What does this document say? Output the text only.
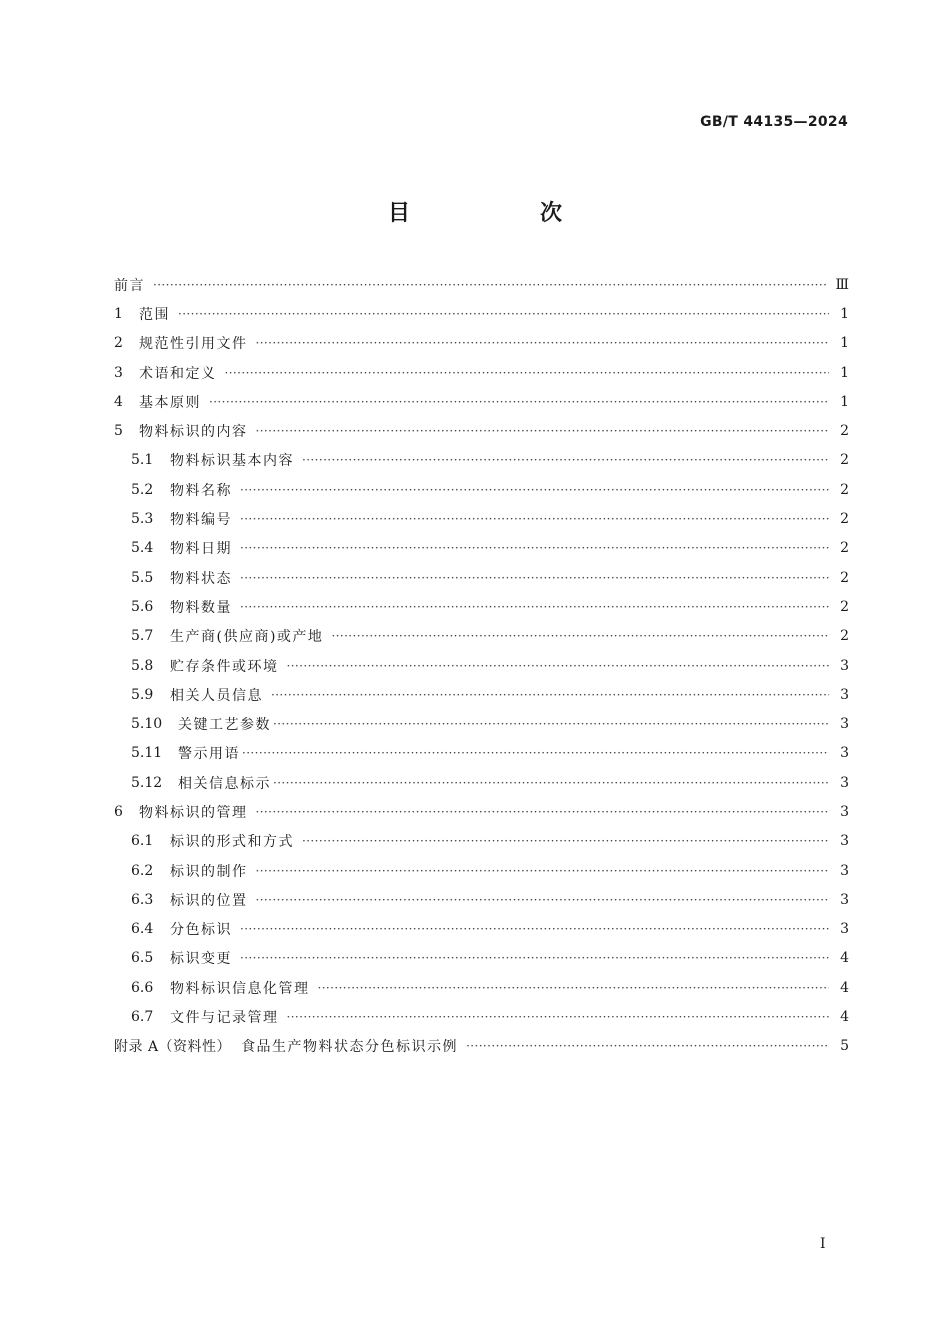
GB/T 44135—2024
目　次
前言 ·····	Ⅲ
1	范围 ·····	1
2	规范性引用文件 ·····	1
3	术语和定义 ·····	1
4	基本原则 ·····	1
5	物料标识的内容 ·····	2
5.1	物料标识基本内容 ·····	2
5.2	物料名称 ·····	2
5.3	物料编号 ·····	2
5.4	物料日期 ·····	2
5.5	物料状态 ·····	2
5.6	物料数量 ·····	2
5.7	生产商(供应商)或产地 ·····	2
5.8	贮存条件或环境 ·····	3
5.9	相关人员信息 ·····	3
5.10	关键工艺参数 ·····	3
5.11	警示用语 ·····	3
5.12	相关信息标示 ·····	3
6	物料标识的管理 ·····	3
6.1	标识的形式和方式 ·····	3
6.2	标识的制作 ·····	3
6.3	标识的位置 ·····	3
6.4	分色标识 ·····	3
6.5	标识变更 ·····	4
6.6	物料标识信息化管理 ·····	4
6.7	文件与记录管理 ·····	4
附录 A（资料性） 食品生产物料状态分色标识示例 ·····	5
Ⅰ
